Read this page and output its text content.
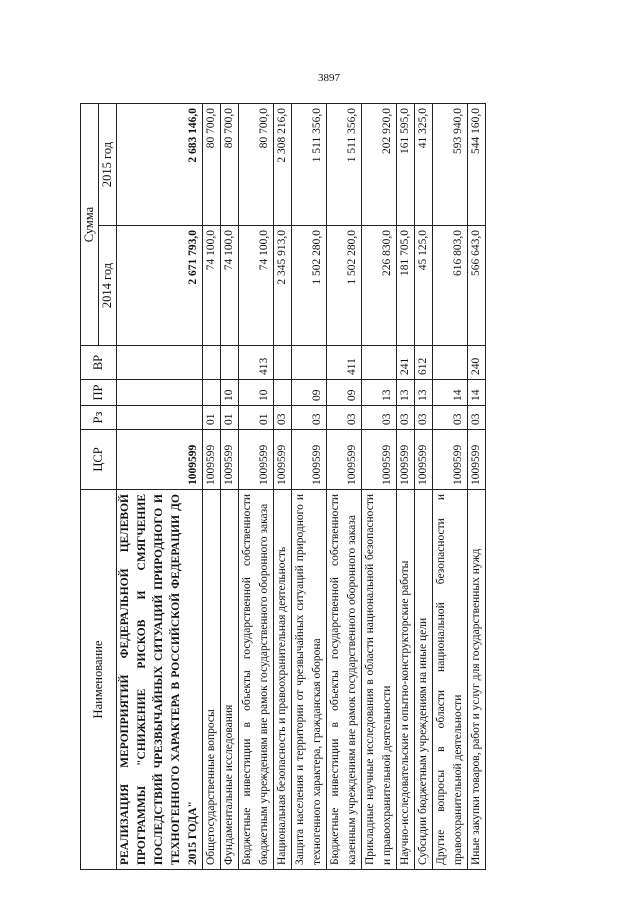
3897
Наименование	ЦСР	Рз	ПР	ВР	Сумма	
					2014 год	2015 год
РЕАЛИЗАЦИЯ МЕРОПРИЯТИЙ ФЕДЕРАЛЬНОЙ ЦЕЛЕВОЙ ПРОГРАММЫ "СНИЖЕНИЕ РИСКОВ И СМЯГЧЕНИЕ ПОСЛЕДСТВИЙ ЧРЕЗВЫЧАЙНЫХ СИТУАЦИЙ ПРИРОДНОГО И ТЕХНОГЕННОГО ХАРАКТЕРА В РОССИЙСКОЙ ФЕДЕРАЦИИ ДО 2015 ГОДА"	1009599				2 671 793,0	2 683 146,0
Общегосударственные вопросы	1009599	01			74 100,0	80 700,0
Фундаментальные исследования	1009599	01	10		74 100,0	80 700,0
Бюджетные инвестиции в объекты государственной собственности бюджетным учреждениям вне рамок государственного оборонного заказа	1009599	01	10	413	74 100,0	80 700,0
Национальная безопасность и правоохранительная деятельность	1009599	03			2 345 913,0	2 308 216,0
Защита населения и территории от чрезвычайных ситуаций природного и техногенного характера, гражданская оборона	1009599	03	09		1 502 280,0	1 511 356,0
Бюджетные инвестиции в объекты государственной собственности казенным учреждениям вне рамок государственного оборонного заказа	1009599	03	09	411	1 502 280,0	1 511 356,0
Прикладные научные исследования в области национальной безопасности и правоохранительной деятельности	1009599	03	13		226 830,0	202 920,0
Научно-исследовательские и опытно-конструкторские работы	1009599	03	13	241	181 705,0	161 595,0
Субсидии бюджетным учреждениям на иные цели	1009599	03	13	612	45 125,0	41 325,0
Другие вопросы в области национальной безопасности и правоохранительной деятельности	1009599	03	14		616 803,0	593 940,0
Иные закупки товаров, работ и услуг для государственных нужд	1009599	03	14	240	566 643,0	544 160,0
